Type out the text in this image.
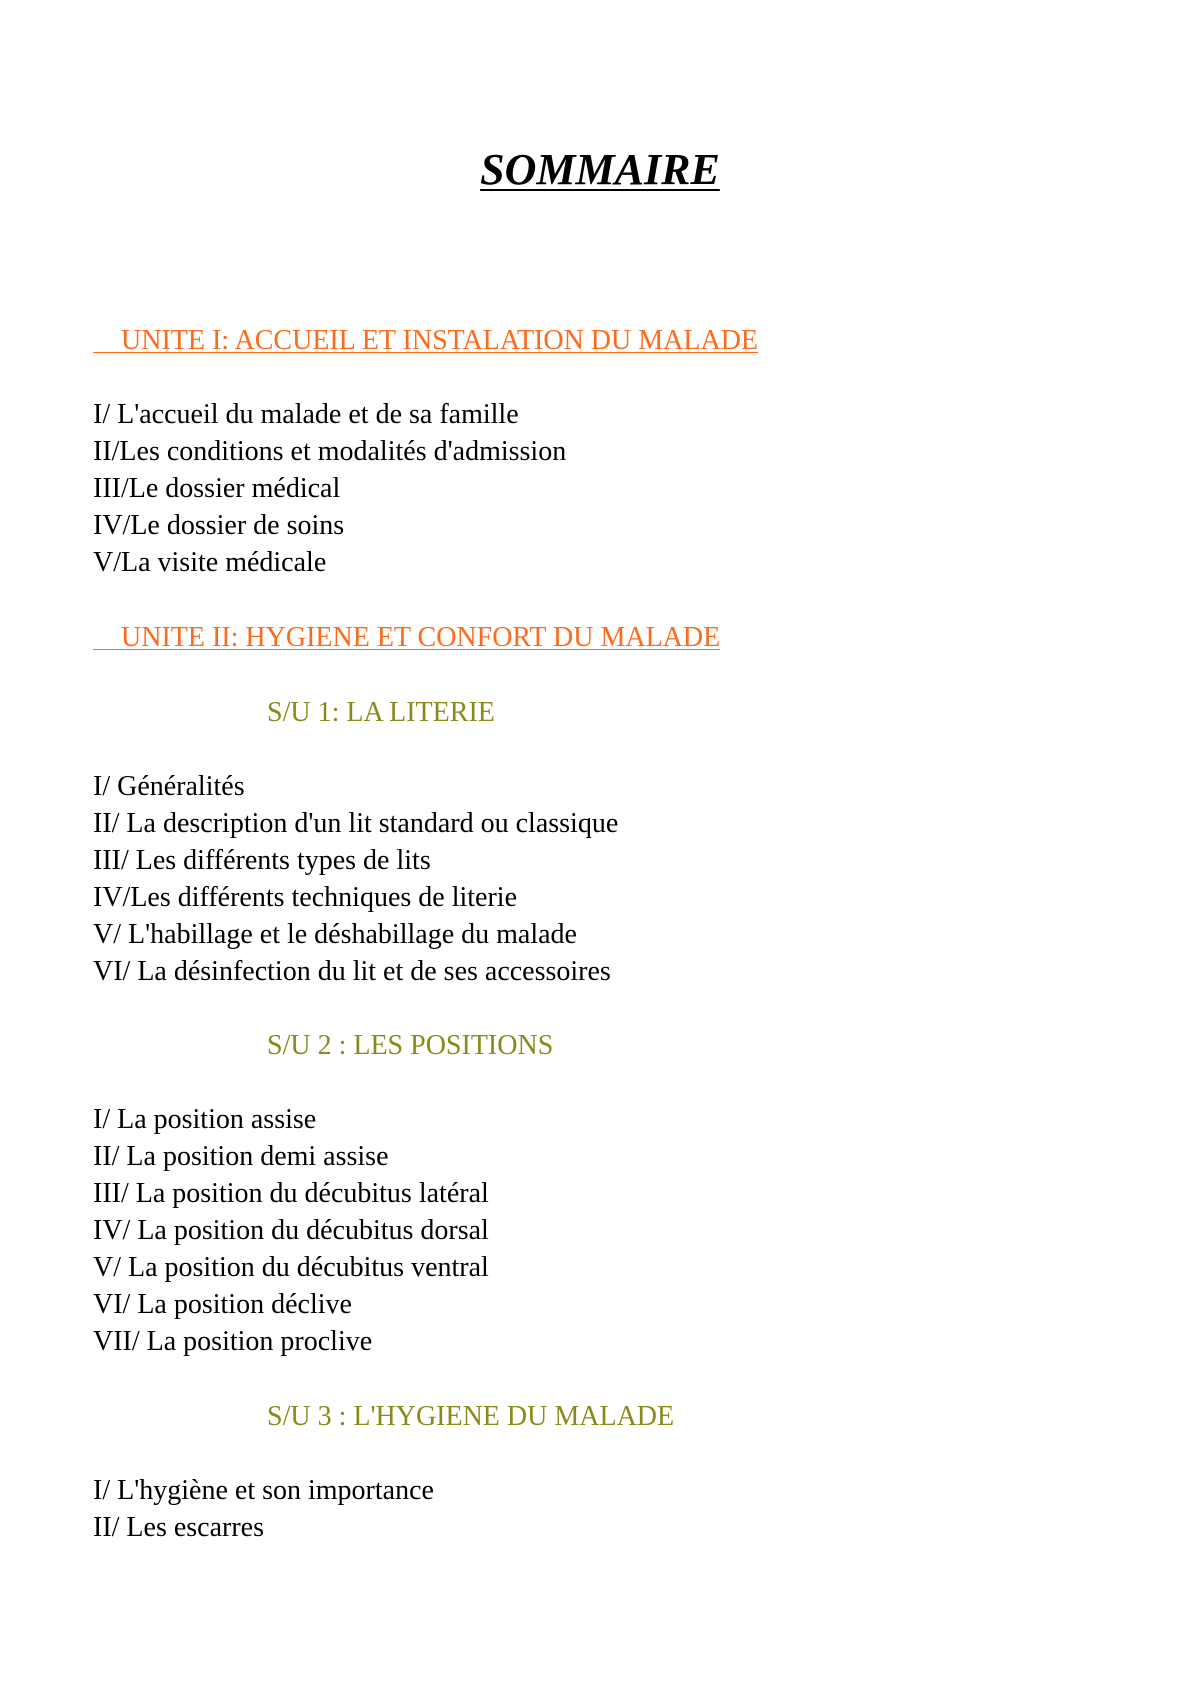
SOMMAIRE
UNITE I: ACCUEIL ET INSTALATION DU MALADE
I/ L'accueil du malade et de sa famille
II/Les conditions et modalités d'admission
III/Le dossier médical
IV/Le dossier de soins
V/La visite médicale
UNITE II: HYGIENE ET CONFORT DU MALADE
S/U 1: LA LITERIE
I/ Généralités
II/ La description d'un lit standard ou classique
III/ Les différents types de lits
IV/Les différents techniques de literie
V/ L'habillage et le déshabillage du malade
VI/ La désinfection du lit et de ses accessoires
S/U 2 : LES POSITIONS
I/ La position assise
II/ La position demi assise
III/ La position du décubitus latéral
IV/ La position du décubitus dorsal
V/ La position du décubitus ventral
VI/ La position déclive
VII/ La position proclive
S/U 3 : L'HYGIENE DU MALADE
I/ L'hygiène et son importance
II/ Les escarres
